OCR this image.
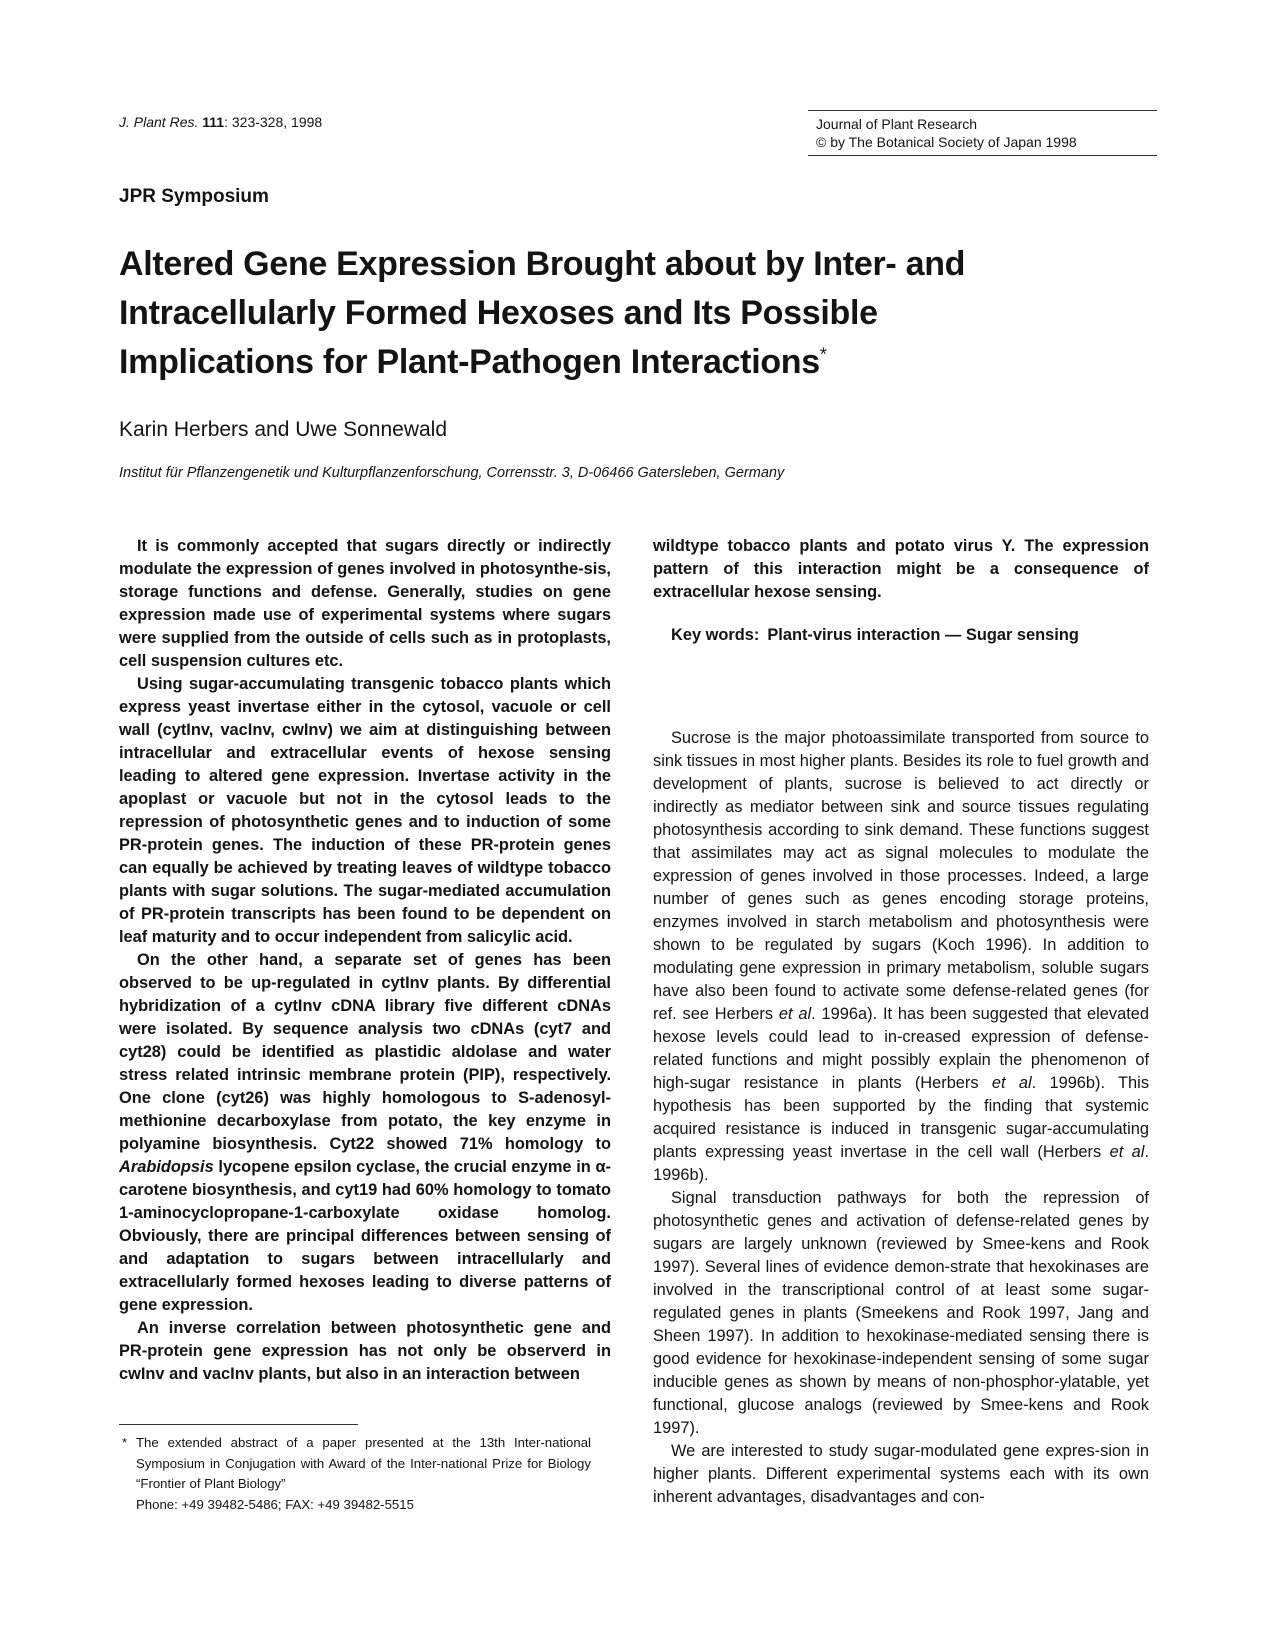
J. Plant Res. 111: 323-328, 1998	Journal of Plant Research
© by The Botanical Society of Japan 1998
JPR Symposium
Altered Gene Expression Brought about by Inter- and
Intracellularly Formed Hexoses and Its Possible
Implications for Plant-Pathogen Interactions*
Karin Herbers and Uwe Sonnewald
Institut für Pflanzengenetik und Kulturpflanzenforschung, Corrensstr. 3, D-06466 Gatersleben, Germany

It is commonly accepted that sugars directly or indirectly modulate the expression of genes involved in photosynthe-sis, storage functions and defense. Generally, studies on gene expression made use of experimental systems where sugars were supplied from the outside of cells such as in protoplasts, cell suspension cultures etc.

Using sugar-accumulating transgenic tobacco plants which express yeast invertase either in the cytosol, vacuole or cell wall (cytInv, vacInv, cwInv) we aim at distinguishing between intracellular and extracellular events of hexose sensing leading to altered gene expression. Invertase activity in the apoplast or vacuole but not in the cytosol leads to the repression of photosynthetic genes and to induction of some PR-protein genes. The induction of these PR-protein genes can equally be achieved by treating leaves of wildtype tobacco plants with sugar solutions. The sugar-mediated accumulation of PR-protein transcripts has been found to be dependent on leaf maturity and to occur independent from salicylic acid.

On the other hand, a separate set of genes has been observed to be up-regulated in cytInv plants. By differential hybridization of a cytInv cDNA library five different cDNAs were isolated. By sequence analysis two cDNAs (cyt7 and cyt28) could be identified as plastidic aldolase and water stress related intrinsic membrane protein (PIP), respectively. One clone (cyt26) was highly homologous to S-adenosyl-methionine decarboxylase from potato, the key enzyme in polyamine biosynthesis. Cyt22 showed 71% homology to Arabidopsis lycopene epsilon cyclase, the crucial enzyme in α-carotene biosynthesis, and cyt19 had 60% homology to tomato 1-aminocyclopropane-1-carboxylate oxidase homolog. Obviously, there are principal differences between sensing of and adaptation to sugars between intracellularly and extracellularly formed hexoses leading to diverse patterns of gene expression.

An inverse correlation between photosynthetic gene and PR-protein gene expression has not only be observerd in cwInv and vacInv plants, but also in an interaction between

wildtype tobacco plants and potato virus Y. The expression pattern of this interaction might be a consequence of extracellular hexose sensing.

Key words: Plant-virus interaction — Sugar sensing

Sucrose is the major photoassimilate transported from source to sink tissues in most higher plants. Besides its role to fuel growth and development of plants, sucrose is believed to act directly or indirectly as mediator between sink and source tissues regulating photosynthesis according to sink demand. These functions suggest that assimilates may act as signal molecules to modulate the expression of genes involved in those processes. Indeed, a large number of genes such as genes encoding storage proteins, enzymes involved in starch metabolism and photosynthesis were shown to be regulated by sugars (Koch 1996). In addition to modulating gene expression in primary metabolism, soluble sugars have also been found to activate some defense-related genes (for ref. see Herbers et al. 1996a). It has been suggested that elevated hexose levels could lead to in-creased expression of defense-related functions and might possibly explain the phenomenon of high-sugar resistance in plants (Herbers et al. 1996b). This hypothesis has been supported by the finding that systemic acquired resistance is induced in transgenic sugar-accumulating plants expressing yeast invertase in the cell wall (Herbers et al. 1996b).

Signal transduction pathways for both the repression of photosynthetic genes and activation of defense-related genes by sugars are largely unknown (reviewed by Smee-kens and Rook 1997). Several lines of evidence demon-strate that hexokinases are involved in the transcriptional control of at least some sugar-regulated genes in plants (Smeekens and Rook 1997, Jang and Sheen 1997). In addition to hexokinase-mediated sensing there is good evidence for hexokinase-independent sensing of some sugar inducible genes as shown by means of non-phosphor-ylatable, yet functional, glucose analogs (reviewed by Smee-kens and Rook 1997).

We are interested to study sugar-modulated gene expres-sion in higher plants. Different experimental systems each with its own inherent advantages, disadvantages and con-

* The extended abstract of a paper presented at the 13th Inter-national Symposium in Conjugation with Award of the Inter-national Prize for Biology “Frontier of Plant Biology”

Phone: +49 39482-5486; FAX: +49 39482-5515
